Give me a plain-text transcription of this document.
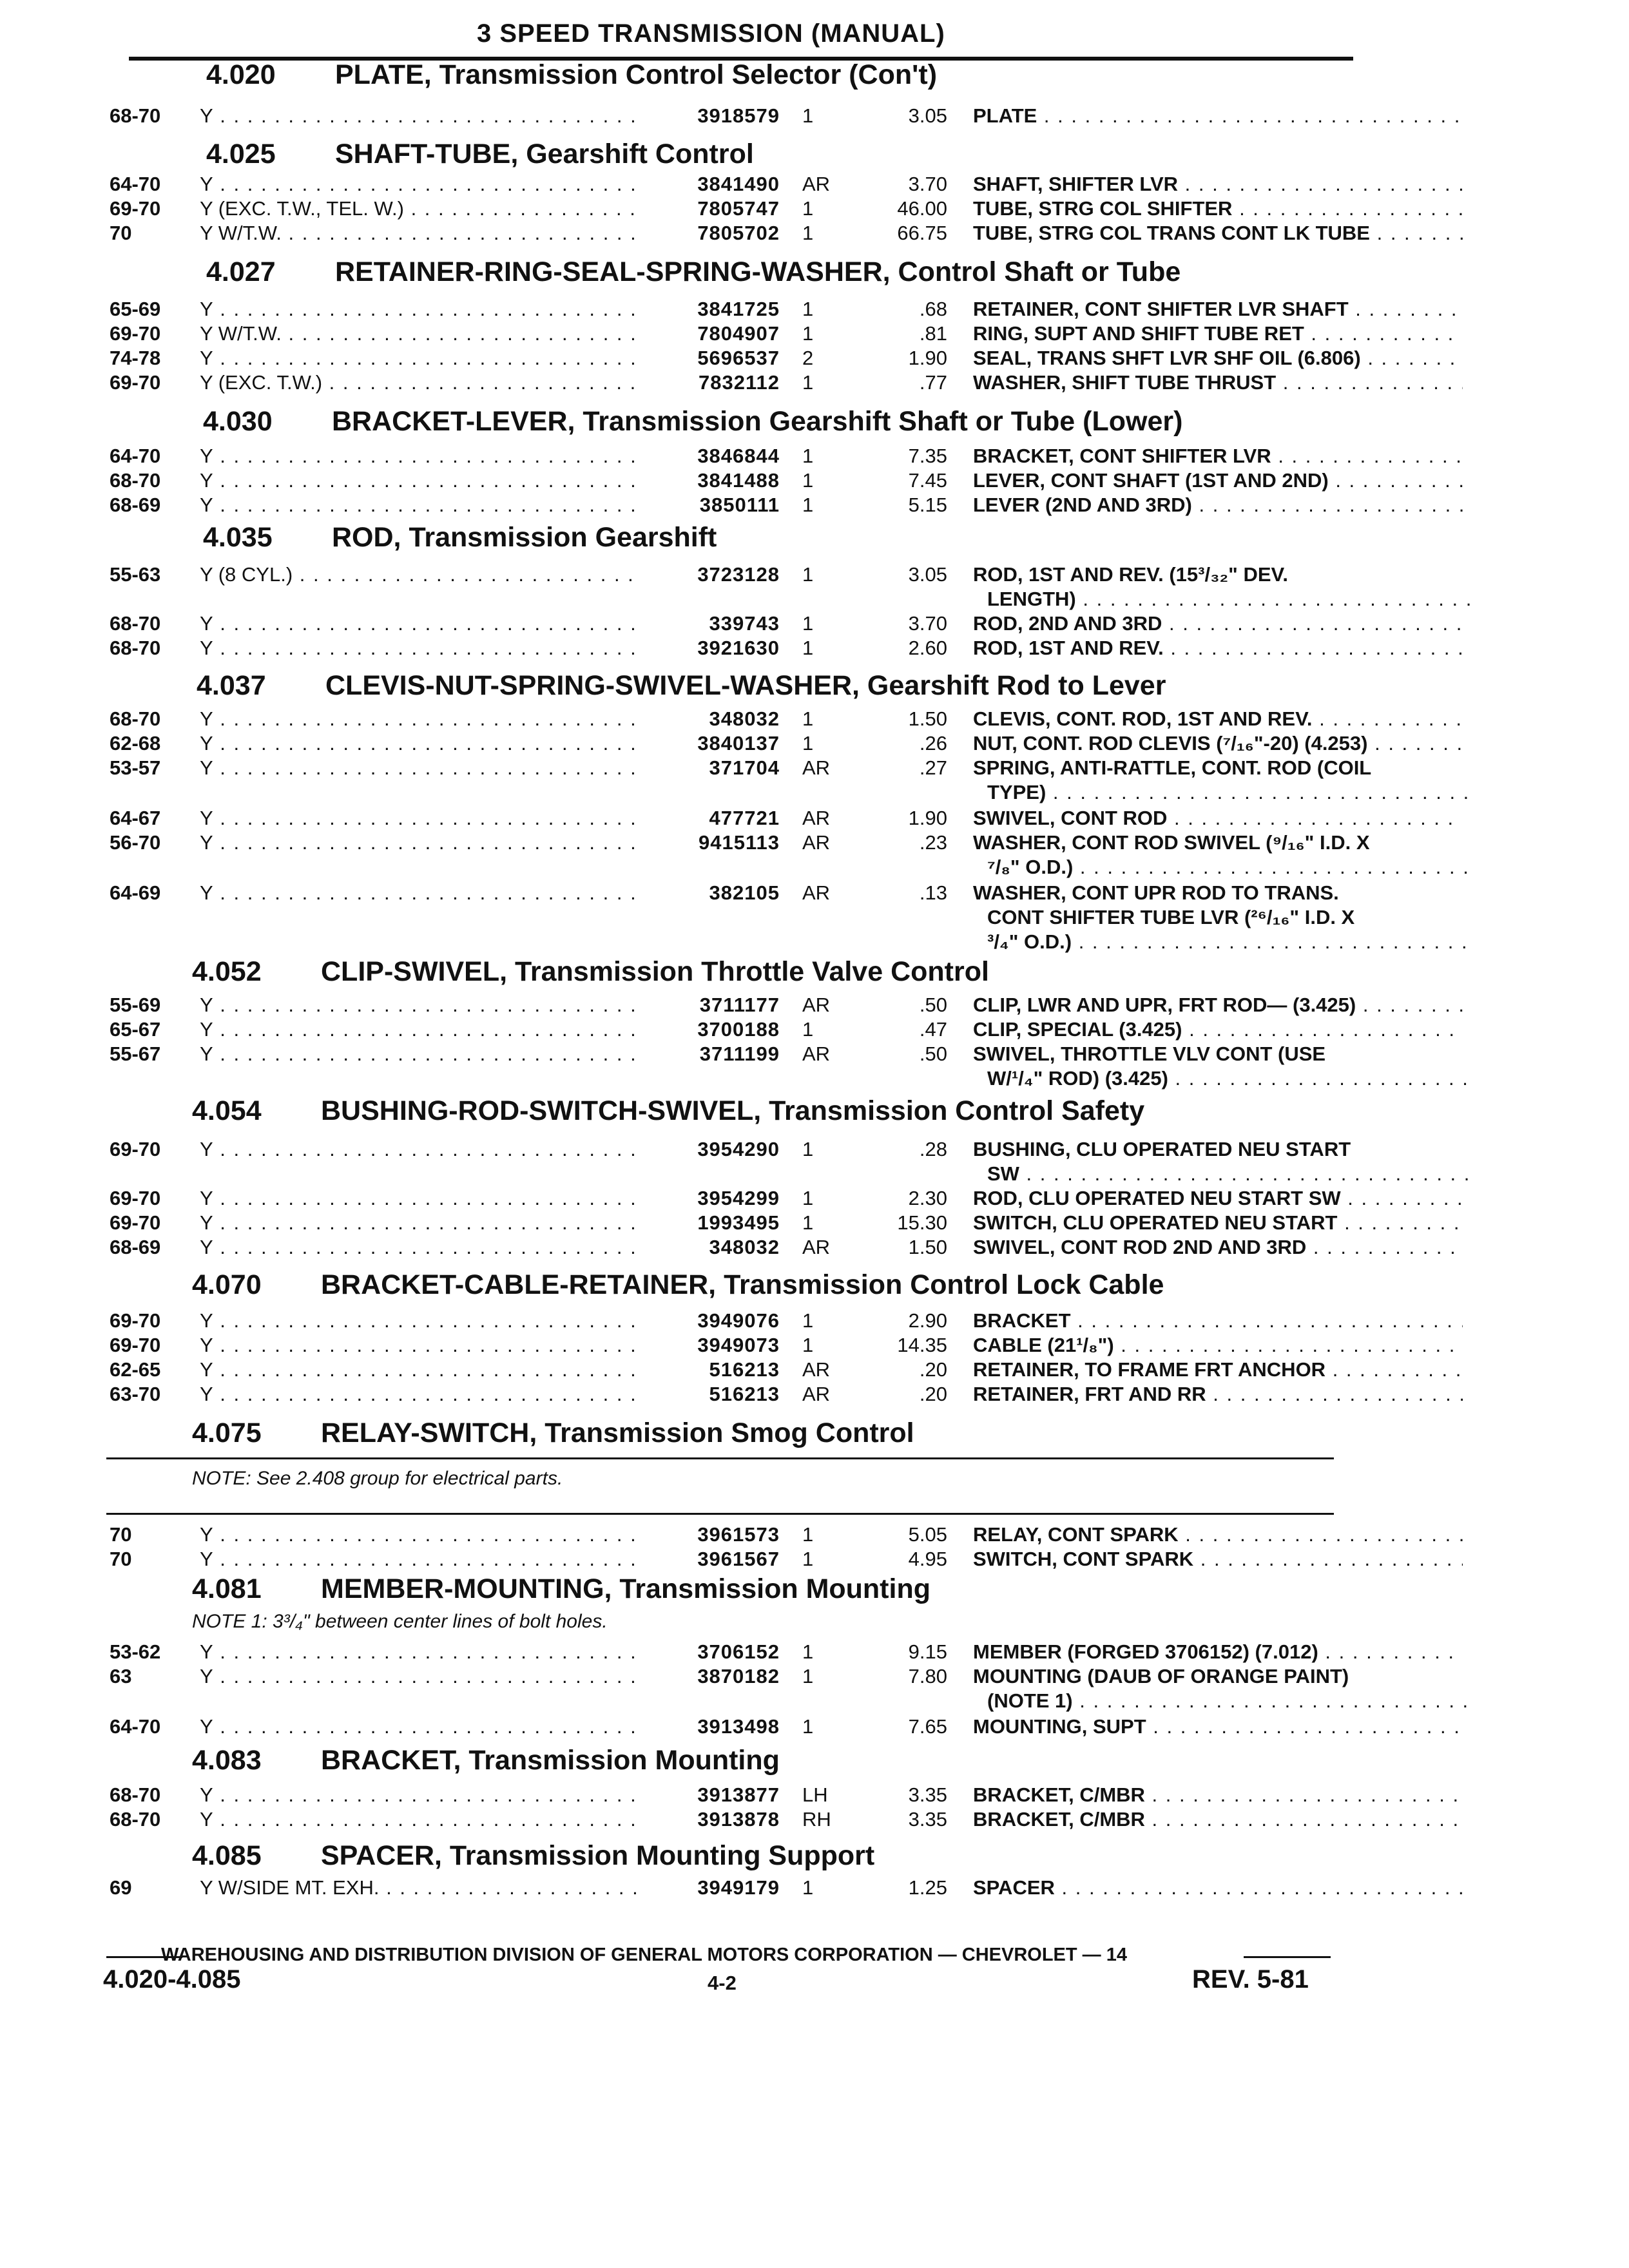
3 SPEED TRANSMISSION (MANUAL)
4.020 PLATE, Transmission Control Selector (Con't)
68-70 Y . . .	3918579 1	3.05 PLATE . . .
4.025 SHAFT-TUBE, Gearshift Control
64-70 Y . . .	3841490 AR	3.70 SHAFT, SHIFTER LVR . . .
69-70 Y (EXC. T.W., TEL. W.) . . .	7805747 1	46.00 TUBE, STRG COL SHIFTER . . .
70	Y W/T.W. . . .	7805702 1	66.75 TUBE, STRG COL TRANS CONT LK TUBE . . .
4.027 RETAINER-RING-SEAL-SPRING-WASHER, Control Shaft or Tube
65-69 Y . . .	3841725 1	.68 RETAINER, CONT SHIFTER LVR SHAFT . . .
69-70 Y W/T.W. . . .	7804907 1	.81 RING, SUPT AND SHIFT TUBE RET . . .
74-78 Y . . .	5696537 2	1.90 SEAL, TRANS SHFT LVR SHF OIL (6.806) . . .
69-70 Y (EXC. T.W.) . . .	7832112 1	.77 WASHER, SHIFT TUBE THRUST . . .
4.030 BRACKET-LEVER, Transmission Gearshift Shaft or Tube (Lower)
64-70 Y . . .	3846844 1	7.35 BRACKET, CONT SHIFTER LVR . . .
68-70 Y . . .	3841488 1	7.45 LEVER, CONT SHAFT (1ST AND 2ND) . . .
68-69 Y . . .	3850111 1	5.15 LEVER (2ND AND 3RD) . . .
4.035 ROD, Transmission Gearshift
55-63 Y (8 CYL.) . . .	3723128 1	3.05 ROD, 1ST AND REV. (15³/₃₂" DEV.
LENGTH) . . .
68-70 Y . . .	339743 1	3.70 ROD, 2ND AND 3RD . . .
68-70 Y . . .	3921630 1	2.60 ROD, 1ST AND REV. . . .
4.037 CLEVIS-NUT-SPRING-SWIVEL-WASHER, Gearshift Rod to Lever
68-70 Y . . .	348032 1	1.50 CLEVIS, CONT. ROD, 1ST AND REV. . . .
62-68 Y . . .	3840137 1	.26 NUT, CONT. ROD CLEVIS (⁷/₁₆"-20) (4.253) . . .
53-57 Y . . .	371704 AR	.27 SPRING, ANTI-RATTLE, CONT. ROD (COIL
TYPE) . . .
64-67 Y . . .	477721 AR	1.90 SWIVEL, CONT ROD . . .
56-70 Y . . .	9415113 AR	.23 WASHER, CONT ROD SWIVEL (⁹/₁₆" I.D. X
⁷/₈" O.D.) . . .
64-69 Y . . .	382105 AR	.13 WASHER, CONT UPR ROD TO TRANS.
CONT SHIFTER TUBE LVR (²⁶/₁₆" I.D. X
³/₄" O.D.) . . .
4.052 CLIP-SWIVEL, Transmission Throttle Valve Control
55-69 Y . . .	3711177 AR	.50 CLIP, LWR AND UPR, FRT ROD— (3.425) . . .
65-67 Y . . .	3700188 1	.47 CLIP, SPECIAL (3.425) . . .
55-67 Y . . .	3711199 AR	.50 SWIVEL, THROTTLE VLV CONT (USE
W/¹/₄" ROD) (3.425) . . .
4.054 BUSHING-ROD-SWITCH-SWIVEL, Transmission Control Safety
69-70 Y . . .	3954290 1	.28 BUSHING, CLU OPERATED NEU START
SW . . .
69-70 Y . . .	3954299 1	2.30 ROD, CLU OPERATED NEU START SW . . .
69-70 Y . . .	1993495 1	15.30 SWITCH, CLU OPERATED NEU START . . .
68-69 Y . . .	348032 AR	1.50 SWIVEL, CONT ROD 2ND AND 3RD . . .
4.070 BRACKET-CABLE-RETAINER, Transmission Control Lock Cable
69-70 Y . . .	3949076 1	2.90 BRACKET . . .
69-70 Y . . .	3949073 1	14.35 CABLE (21¹/₈") . . .
62-65 Y . . .	516213 AR	.20 RETAINER, TO FRAME FRT ANCHOR . . .
63-70 Y . . .	516213 AR	.20 RETAINER, FRT AND RR . . .
4.075 RELAY-SWITCH, Transmission Smog Control
NOTE: See 2.408 group for electrical parts.
70	Y . . .	3961573 1	5.05 RELAY, CONT SPARK . . .
70	Y . . .	3961567 1	4.95 SWITCH, CONT SPARK . . .
4.081 MEMBER-MOUNTING, Transmission Mounting
NOTE 1: 3³/₄" between center lines of bolt holes.
53-62 Y . . .	3706152 1	9.15 MEMBER (FORGED 3706152) (7.012) . . .
63	Y . . .	3870182 1	7.80 MOUNTING (DAUB OF ORANGE PAINT)
(NOTE 1) . . .
64-70 Y . . .	3913498 1	7.65 MOUNTING, SUPT . . .
4.083 BRACKET, Transmission Mounting
68-70 Y . . .	3913877 LH	3.35 BRACKET, C/MBR . . .
68-70 Y . . .	3913878 RH	3.35 BRACKET, C/MBR . . .
4.085 SPACER, Transmission Mounting Support
69	Y W/SIDE MT. EXH. . . .	3949179 1	1.25 SPACER . . .
WAREHOUSING AND DISTRIBUTION DIVISION OF GENERAL MOTORS CORPORATION — CHEVROLET — 14
4.020-4.085	4-2	REV. 5-81
